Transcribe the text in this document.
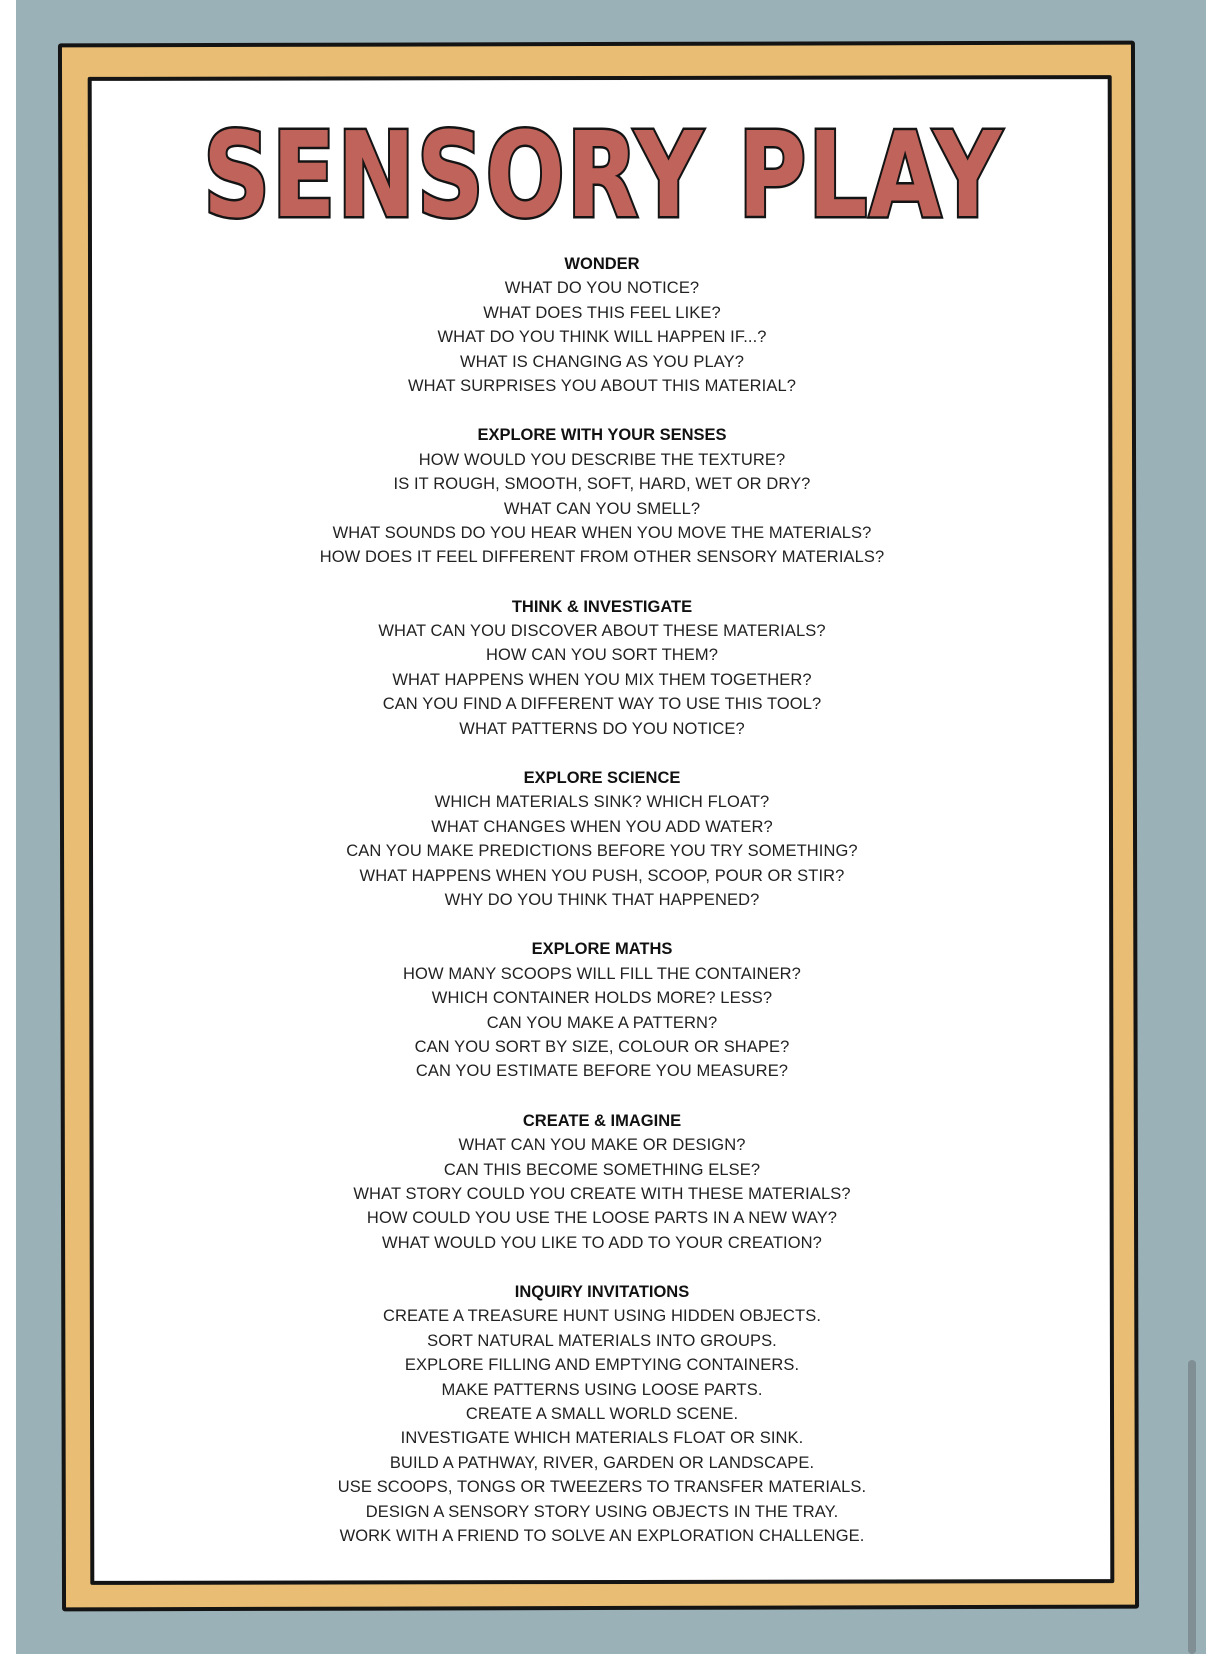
SENSORY PLAY
WONDER
WHAT DO YOU NOTICE?
WHAT DOES THIS FEEL LIKE?
WHAT DO YOU THINK WILL HAPPEN IF...?
WHAT IS CHANGING AS YOU PLAY?
WHAT SURPRISES YOU ABOUT THIS MATERIAL?
EXPLORE WITH YOUR SENSES
HOW WOULD YOU DESCRIBE THE TEXTURE?
IS IT ROUGH, SMOOTH, SOFT, HARD, WET OR DRY?
WHAT CAN YOU SMELL?
WHAT SOUNDS DO YOU HEAR WHEN YOU MOVE THE MATERIALS?
HOW DOES IT FEEL DIFFERENT FROM OTHER SENSORY MATERIALS?
THINK & INVESTIGATE
WHAT CAN YOU DISCOVER ABOUT THESE MATERIALS?
HOW CAN YOU SORT THEM?
WHAT HAPPENS WHEN YOU MIX THEM TOGETHER?
CAN YOU FIND A DIFFERENT WAY TO USE THIS TOOL?
WHAT PATTERNS DO YOU NOTICE?
EXPLORE SCIENCE
WHICH MATERIALS SINK? WHICH FLOAT?
WHAT CHANGES WHEN YOU ADD WATER?
CAN YOU MAKE PREDICTIONS BEFORE YOU TRY SOMETHING?
WHAT HAPPENS WHEN YOU PUSH, SCOOP, POUR OR STIR?
WHY DO YOU THINK THAT HAPPENED?
EXPLORE MATHS
HOW MANY SCOOPS WILL FILL THE CONTAINER?
WHICH CONTAINER HOLDS MORE? LESS?
CAN YOU MAKE A PATTERN?
CAN YOU SORT BY SIZE, COLOUR OR SHAPE?
CAN YOU ESTIMATE BEFORE YOU MEASURE?
CREATE & IMAGINE
WHAT CAN YOU MAKE OR DESIGN?
CAN THIS BECOME SOMETHING ELSE?
WHAT STORY COULD YOU CREATE WITH THESE MATERIALS?
HOW COULD YOU USE THE LOOSE PARTS IN A NEW WAY?
WHAT WOULD YOU LIKE TO ADD TO YOUR CREATION?
INQUIRY INVITATIONS
CREATE A TREASURE HUNT USING HIDDEN OBJECTS.
SORT NATURAL MATERIALS INTO GROUPS.
EXPLORE FILLING AND EMPTYING CONTAINERS.
MAKE PATTERNS USING LOOSE PARTS.
CREATE A SMALL WORLD SCENE.
INVESTIGATE WHICH MATERIALS FLOAT OR SINK.
BUILD A PATHWAY, RIVER, GARDEN OR LANDSCAPE.
USE SCOOPS, TONGS OR TWEEZERS TO TRANSFER MATERIALS.
DESIGN A SENSORY STORY USING OBJECTS IN THE TRAY.
WORK WITH A FRIEND TO SOLVE AN EXPLORATION CHALLENGE.
